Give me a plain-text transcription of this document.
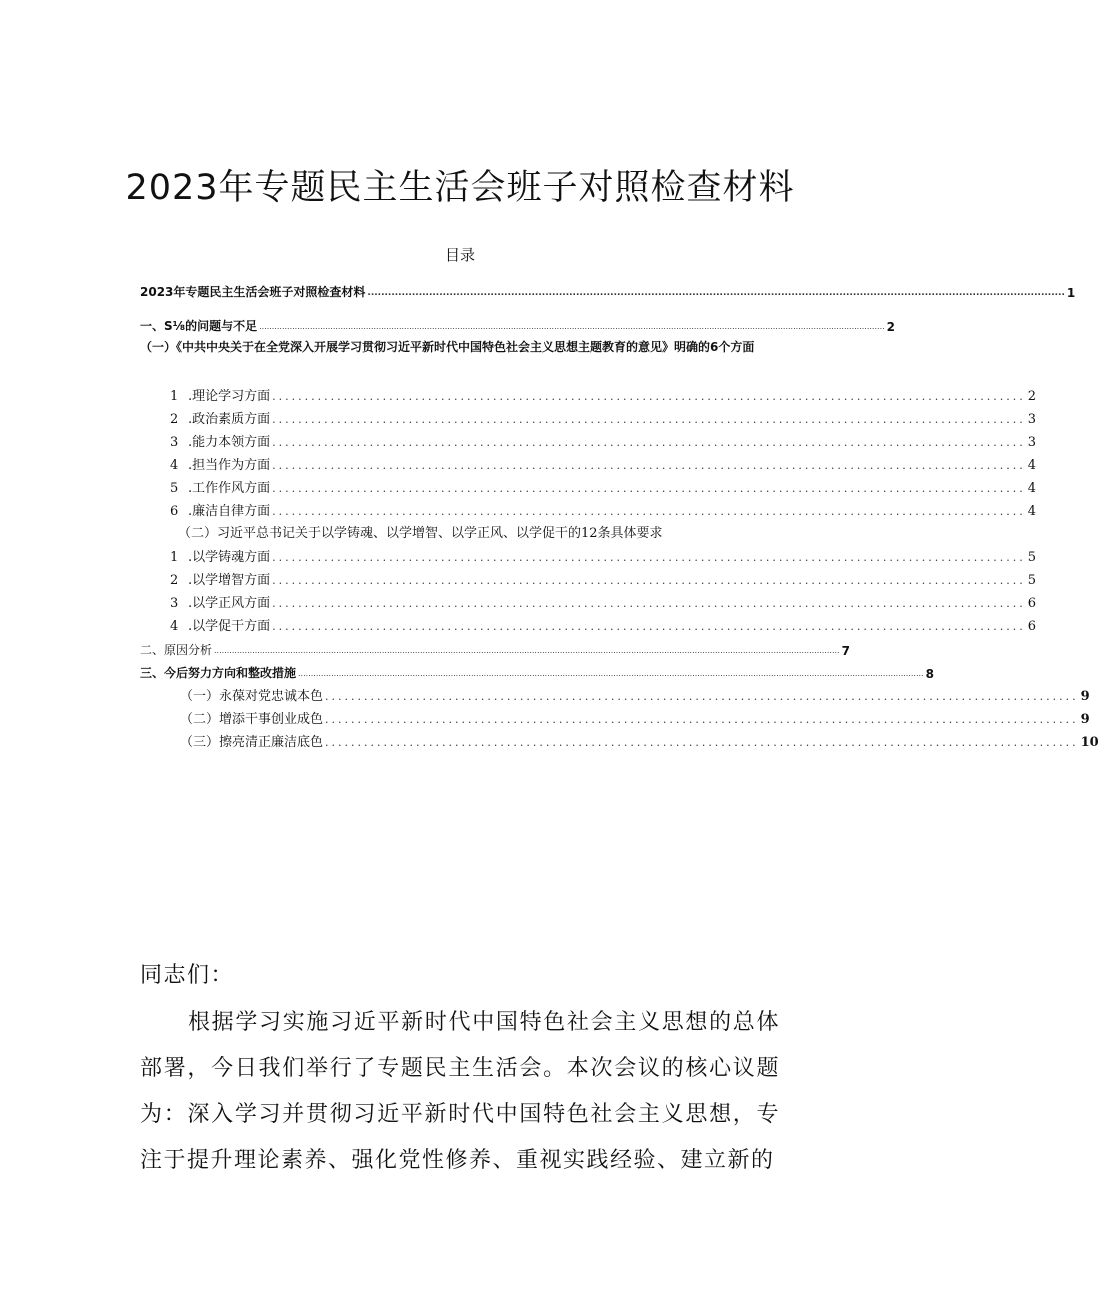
2023年专题民主生活会班子对照检查材料
目录
2023年专题民主生活会班子对照检查材料 ............................................................................................................................................................................................................ 1
一、S⅛的问题与不足 ...................................................................................................................................................................................................................................................... 2
（一）《中共中央关于在全党深入开展学习贯彻习近平新时代中国特色社会主义思想主题教育的意见》明确的6个方面
1 .理论学习方面 .................................................................................................................... 2
2 .政治素质方面 .................................................................................................................... 3
3 .能力本领方面 .................................................................................................................... 3
4 .担当作为方面 .................................................................................................................... 4
5 .工作作风方面 .................................................................................................................... 4
6 .廉洁自律方面 .................................................................................................................... 4
（二）习近平总书记关于以学铸魂、以学增智、以学正风、以学促干的12条具体要求
1 .以学铸魂方面 .................................................................................................................... 5
2 .以学增智方面 .................................................................................................................... 5
3 .以学正风方面 .................................................................................................................... 6
4 .以学促干方面 .................................................................................................................... 6
二、原因分析 ...................................................................................................................................................................................................................................................... 7
三、今后努力方向和整改措施 ...................................................................................................................................................................................................................................................... 8
（一）永葆对党忠诚本色 .................................................................................................................... 9
（二）增添干事创业成色 .................................................................................................................... 9
（三）擦亮清正廉洁底色 .................................................................................................................... 10
同志们：
根据学习实施习近平新时代中国特色社会主义思想的总体部署，今日我们举行了专题民主生活会。本次会议的核心议题为：深入学习并贯彻习近平新时代中国特色社会主义思想，专注于提升理论素养、强化党性修养、重视实践经验、建立新的
